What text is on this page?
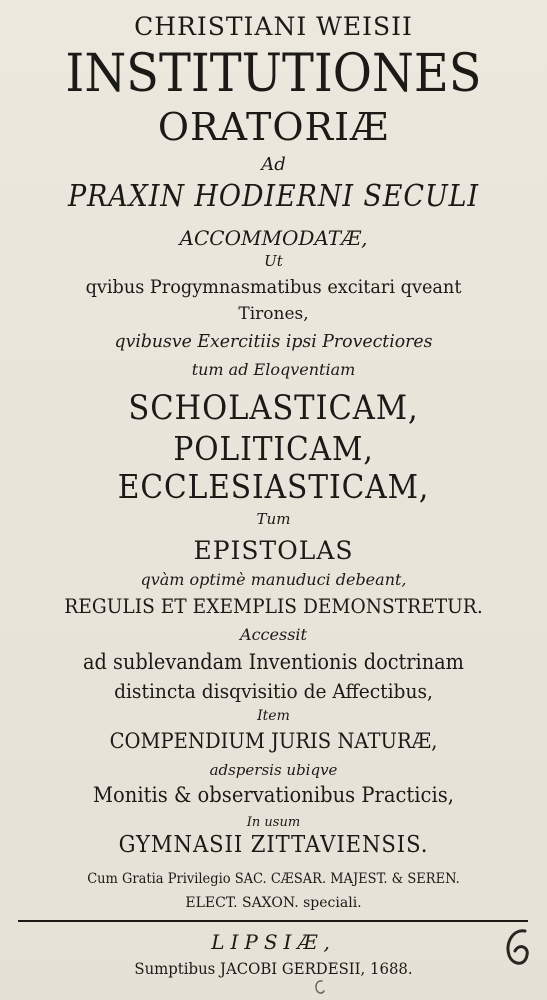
CHRISTIANI WEISII
INSTITUTIONES
ORATORIÆ
Ad
PRAXIN HODIERNI SECULI
ACCOMMODATÆ,
Ut
qvibus Progymnasmatibus excitari qveant
Tirones,
qvibusve Exercitiis ipsi Provectiores
tum ad Eloqventiam
SCHOLASTICAM,
POLITICAM,
ECCLESIASTICAM,
Tum
EPISTOLAS
qvàm optimè manuduci debeant,
REGULIS ET EXEMPLIS DEMONSTRETUR.
Accessit
ad sublevandam Inventionis doctrinam
distincta disqvisitio de Affectibus,
Item
COMPENDIUM JURIS NATURÆ,
adspersis ubiqve
Monitis & observationibus Practicis,
In usum
GYMNASII ZITTAVIENSIS.
Cum Gratia Privilegio SAC. CÆSAR. MAJEST. & SEREN.
ELECT. SAXON. speciali.
LIPSIÆ,
Sumptibus JACOBI GERDESII, 1688.
